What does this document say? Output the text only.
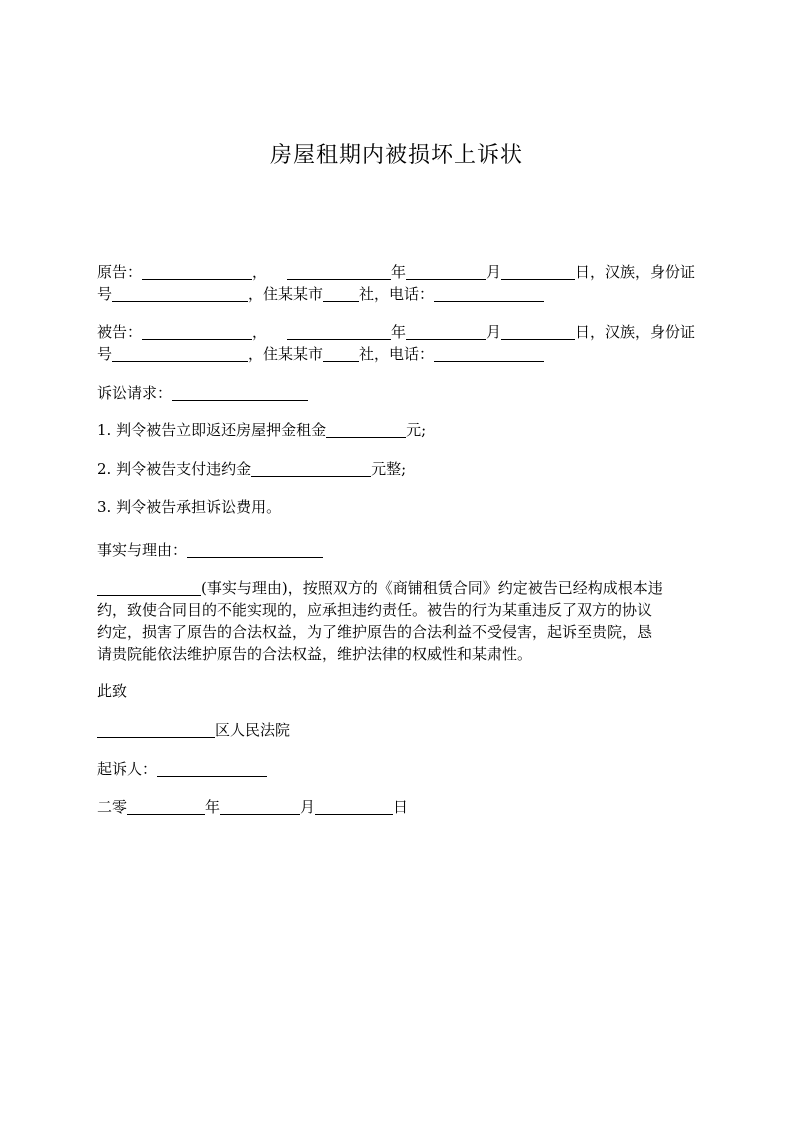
房屋租期内被损坏上诉状
原告：	，	年	月	日，汉族，身份证
号	，住某某市 社，电话：
被告：	，	年	月	日，汉族，身份证
号	，住某某市 社，电话：
诉讼请求：
1. 判令被告立即返还房屋押金租金	元;
2. 判令被告支付违约金	元整;
3. 判令被告承担诉讼费用。
事实与理由：
(事实与理由)，按照双方的《商铺租赁合同》约定被告已经构成根本违
约，致使合同目的不能实现的，应承担违约责任。被告的行为某重违反了双方的协议
约定，损害了原告的合法权益，为了维护原告的合法利益不受侵害，起诉至贵院，恳
请贵院能依法维护原告的合法权益，维护法律的权威性和某肃性。
此致
区人民法院
起诉人：
二零	年	月	日
